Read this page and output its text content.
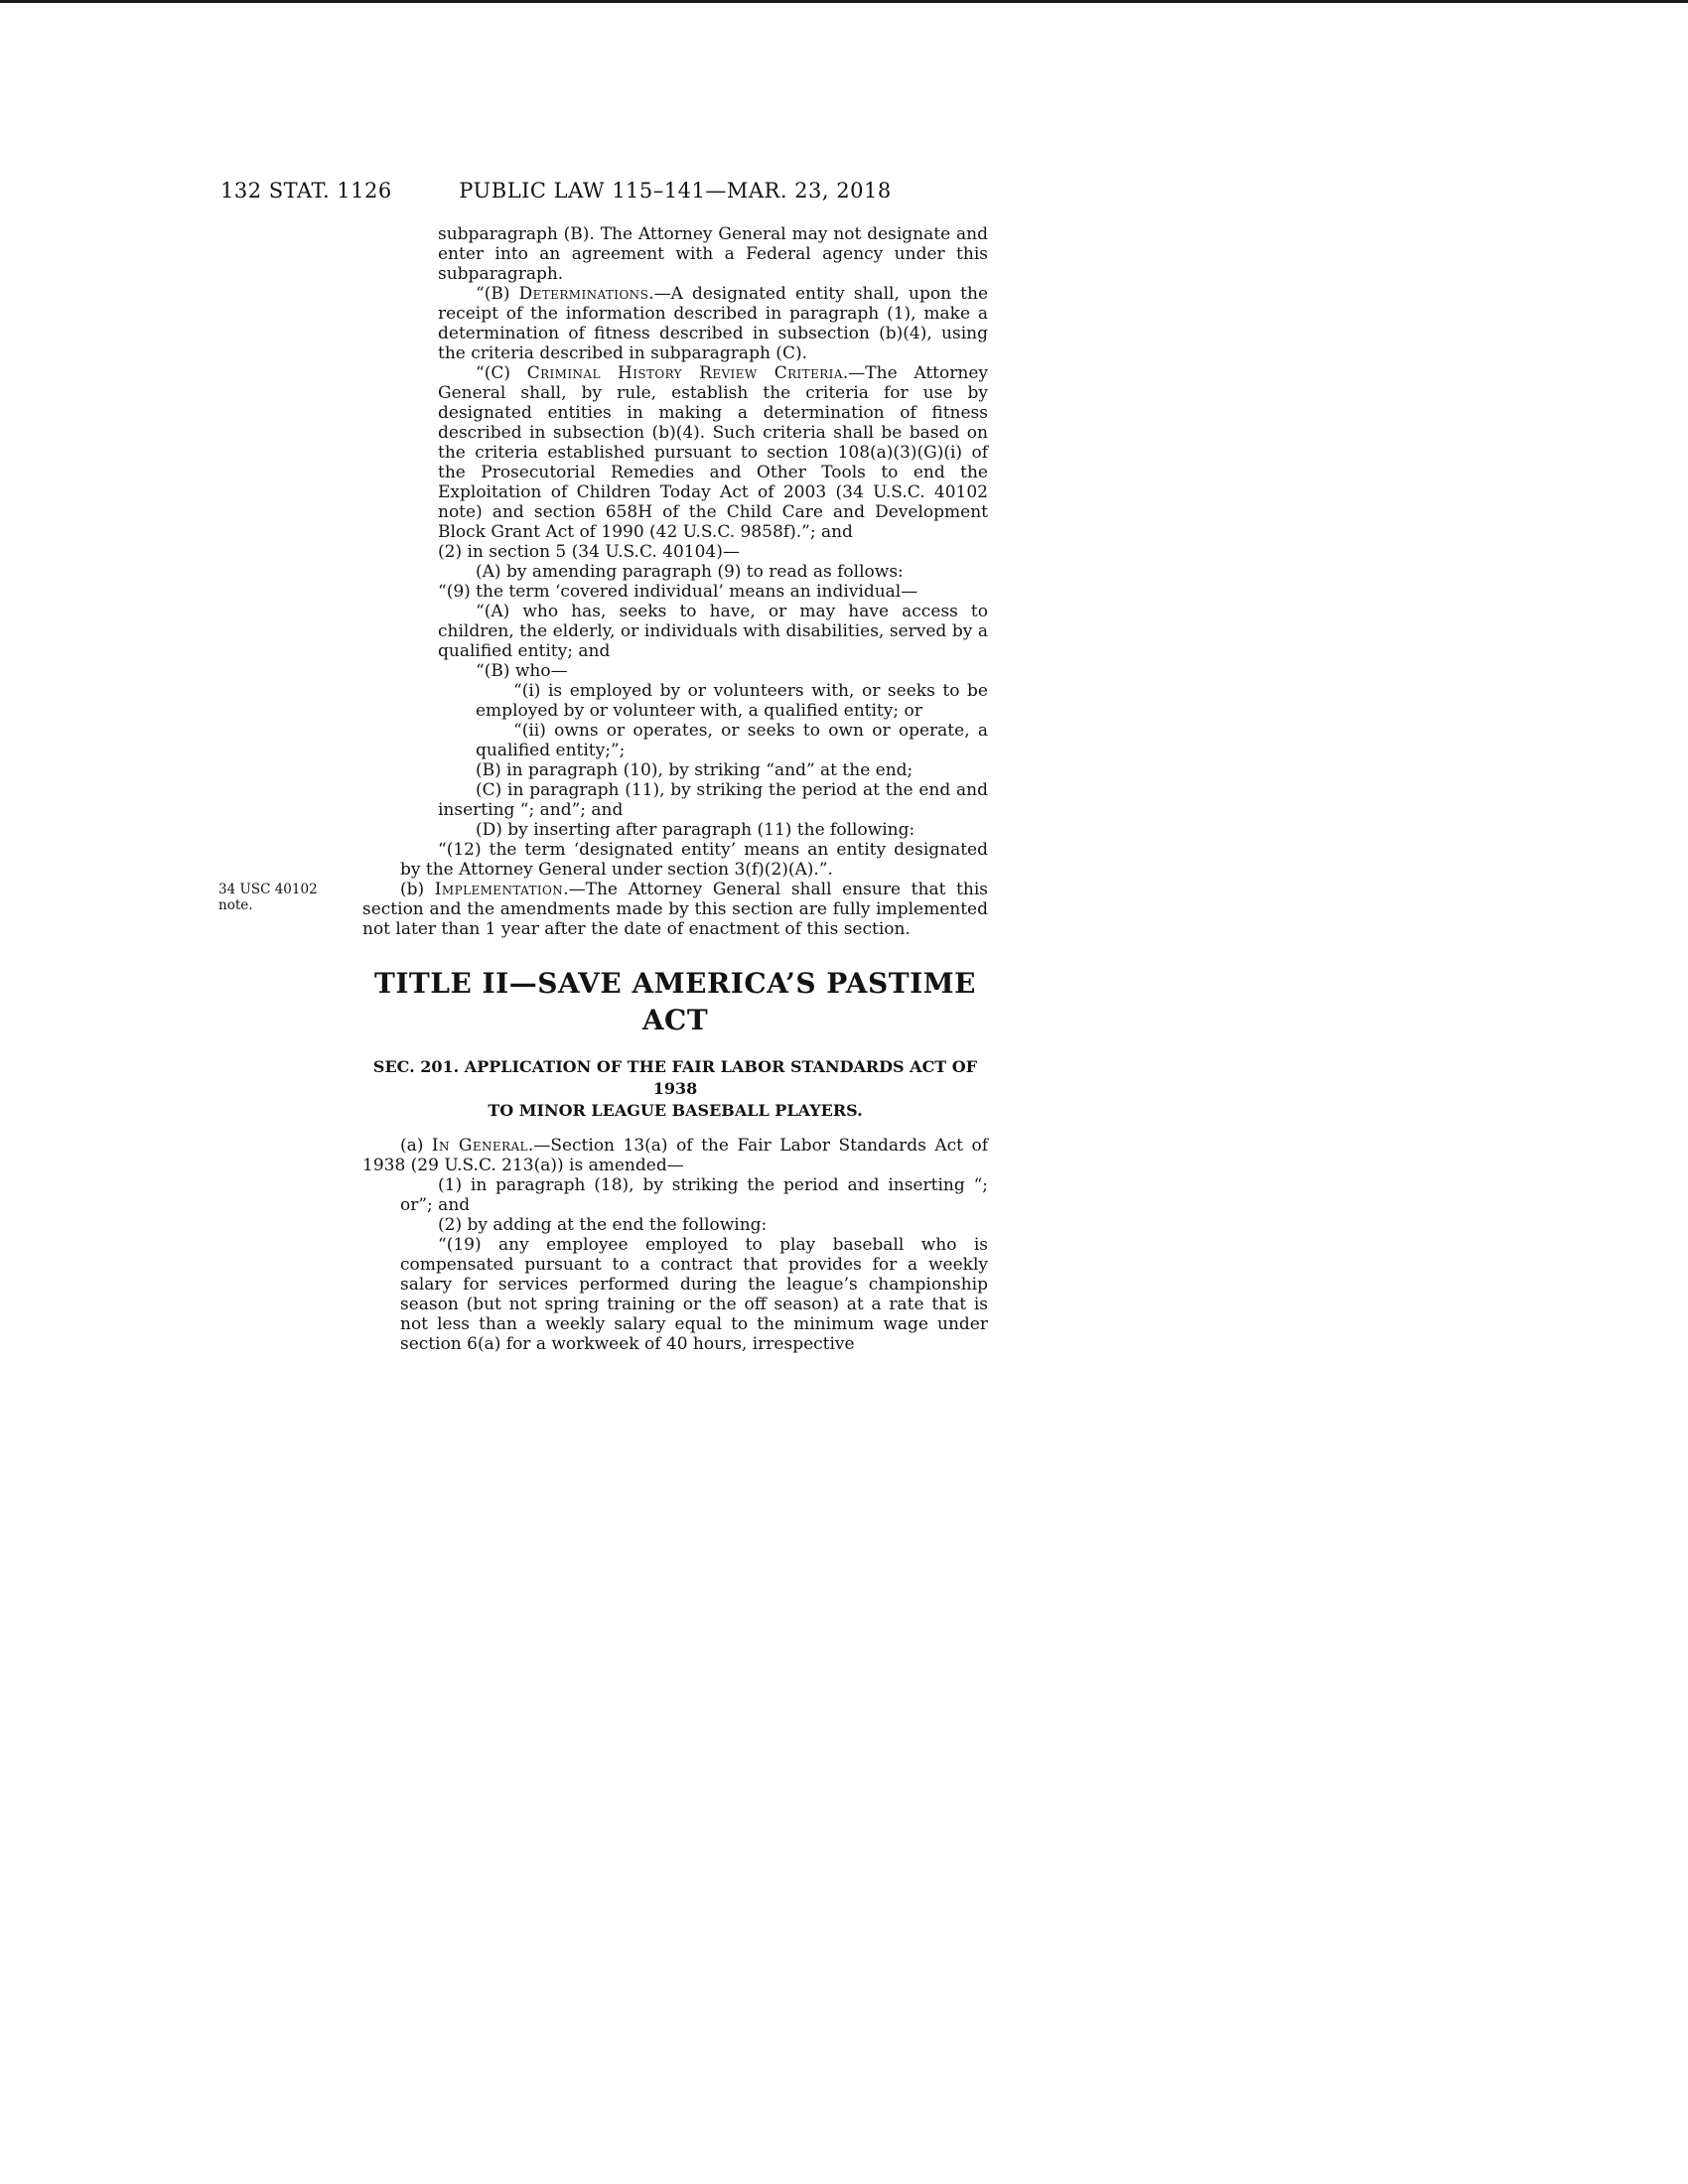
132 STAT. 1126	PUBLIC LAW 115–141—MAR. 23, 2018

subparagraph (B). The Attorney General may not designate and enter into an agreement with a Federal agency under this subparagraph.

“(B) Determinations.—A designated entity shall, upon the receipt of the information described in paragraph (1), make a determination of fitness described in subsection (b)(4), using the criteria described in subparagraph (C).

“(C) Criminal History Review Criteria.—The Attorney General shall, by rule, establish the criteria for use by designated entities in making a determination of fitness described in subsection (b)(4). Such criteria shall be based on the criteria established pursuant to section 108(a)(3)(G)(i) of the Prosecutorial Remedies and Other Tools to end the Exploitation of Children Today Act of 2003 (34 U.S.C. 40102 note) and section 658H of the Child Care and Development Block Grant Act of 1990 (42 U.S.C. 9858f).”; and

(2) in section 5 (34 U.S.C. 40104)—

(A) by amending paragraph (9) to read as follows:

“(9) the term ‘covered individual’ means an individual—

“(A) who has, seeks to have, or may have access to children, the elderly, or individuals with disabilities, served by a qualified entity; and

“(B) who—

“(i) is employed by or volunteers with, or seeks to be employed by or volunteer with, a qualified entity; or

“(ii) owns or operates, or seeks to own or operate, a qualified entity;”;

(B) in paragraph (10), by striking “and” at the end;

(C) in paragraph (11), by striking the period at the end and inserting “; and”; and

(D) by inserting after paragraph (11) the following:

“(12) the term ‘designated entity’ means an entity designated by the Attorney General under section 3(f)(2)(A).”.

(b) Implementation.—The Attorney General shall ensure that this section and the amendments made by this section are fully implemented not later than 1 year after the date of enactment of this section.
34 USC 40102 note.

TITLE II—SAVE AMERICA’S PASTIME
ACT
SEC. 201. APPLICATION OF THE FAIR LABOR STANDARDS ACT OF 1938
TO MINOR LEAGUE BASEBALL PLAYERS.

(a) In General.—Section 13(a) of the Fair Labor Standards Act of 1938 (29 U.S.C. 213(a)) is amended—

(1) in paragraph (18), by striking the period and inserting “; or”; and

(2) by adding at the end the following:

“(19) any employee employed to play baseball who is compensated pursuant to a contract that provides for a weekly salary for services performed during the league’s championship season (but not spring training or the off season) at a rate that is not less than a weekly salary equal to the minimum wage under section 6(a) for a workweek of 40 hours, irrespective
